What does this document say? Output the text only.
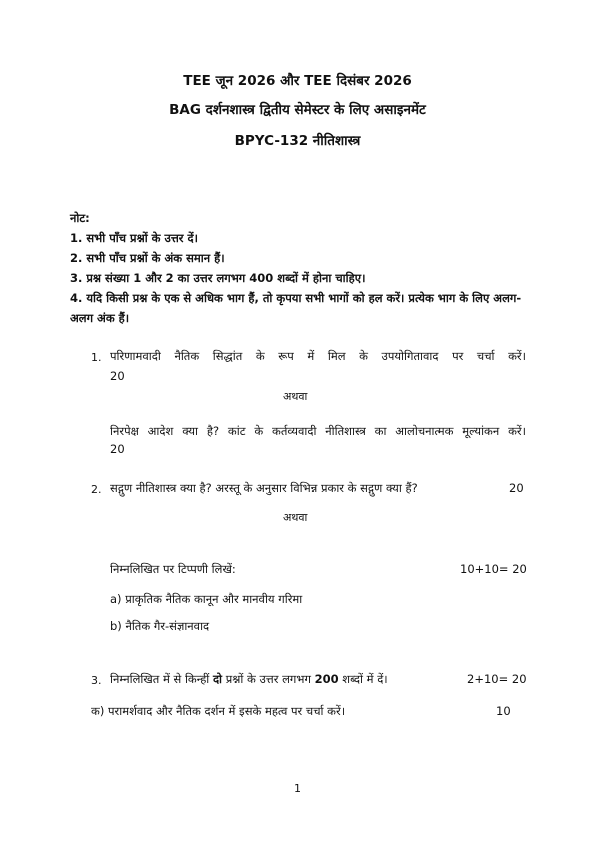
TEE जून 2026 और TEE दिसंबर 2026
BAG दर्शनशास्त्र द्वितीय सेमेस्टर के लिए असाइनमेंट
BPYC-132 नीतिशास्त्र

नोट:

1. सभी पाँच प्रश्नों के उत्तर दें।

2. सभी पाँच प्रश्नों के अंक समान हैं।

3. प्रश्न संख्या 1 और 2 का उत्तर लगभग 400 शब्दों में होना चाहिए।

4. यदि किसी प्रश्न के एक से अधिक भाग हैं, तो कृपया सभी भागों को हल करें। प्रत्येक भाग के लिए अलग-अलग अंक हैं।

1. परिणामवादी नैतिक सिद्धांत के रूप में मिल के उपयोगितावाद पर चर्चा करें।
20
अथवा
निरपेक्ष आदेश क्या है? कांट के कर्तव्यवादी नीतिशास्त्र का आलोचनात्मक मूल्यांकन करें।
20
2. सद्गुण नीतिशास्त्र क्या है? अरस्तू के अनुसार विभिन्न प्रकार के सद्गुण क्या हैं?	20
अथवा
निम्नलिखित पर टिप्पणी लिखें:	10+10= 20
a) प्राकृतिक नैतिक कानून और मानवीय गरिमा
b) नैतिक गैर-संज्ञानवाद
3. निम्नलिखित में से किन्हीं दो प्रश्नों के उत्तर लगभग 200 शब्दों में दें।	2+10= 20
क) परामर्शवाद और नैतिक दर्शन में इसके महत्व पर चर्चा करें।	10
1
